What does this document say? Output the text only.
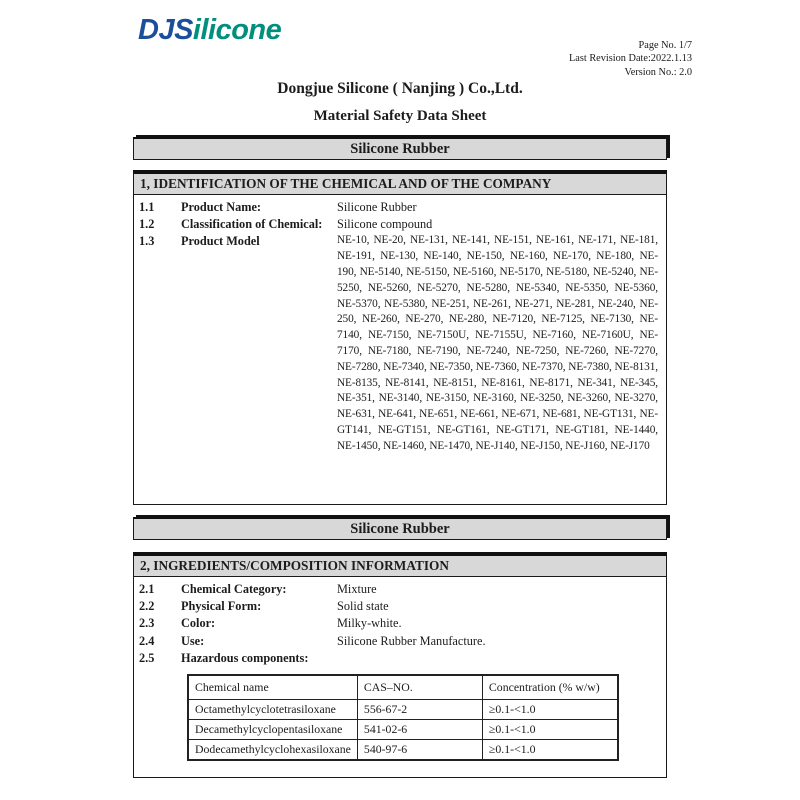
DJSilicone	Page No. 1/7
Last Revision Date:2022.1.13
Version No.: 2.0
Dongjue Silicone ( Nanjing ) Co.,Ltd.
Material Safety Data Sheet
Silicone Rubber
1, IDENTIFICATION OF THE CHEMICAL AND OF THE COMPANY
1.1	Product Name:	Silicone Rubber
1.2	Classification of Chemical:	Silicone compound
1.3	Product Model	NE-10, NE-20, NE-131, NE-141, NE-151, NE-161, NE-171, NE-181, NE-191, NE-130, NE-140, NE-150, NE-160, NE-170, NE-180, NE-190, NE-5140, NE-5150, NE-5160, NE-5170, NE-5180, NE-5240, NE-5250, NE-5260, NE-5270, NE-5280, NE-5340, NE-5350, NE-5360, NE-5370, NE-5380, NE-251, NE-261, NE-271, NE-281, NE-240, NE-250, NE-260, NE-270, NE-280, NE-7120, NE-7125, NE-7130, NE-7140, NE-7150, NE-7150U, NE-7155U, NE-7160, NE-7160U, NE-7170, NE-7180, NE-7190, NE-7240, NE-7250, NE-7260, NE-7270, NE-7280, NE-7340, NE-7350, NE-7360, NE-7370, NE-7380, NE-8131, NE-8135, NE-8141, NE-8151, NE-8161, NE-8171, NE-341, NE-345, NE-351, NE-3140, NE-3150, NE-3160, NE-3250, NE-3260, NE-3270, NE-631, NE-641, NE-651, NE-661, NE-671, NE-681, NE-GT131, NE-GT141, NE-GT151, NE-GT161, NE-GT171, NE-GT181, NE-1440, NE-1450, NE-1460, NE-1470, NE-J140, NE-J150, NE-J160, NE-J170
Silicone Rubber
2, INGREDIENTS/COMPOSITION INFORMATION
2.1	Chemical Category:	Mixture
2.2	Physical Form:	Solid state
2.3	Color:	Milky-white.
2.4	Use:	Silicone Rubber Manufacture.
2.5	Hazardous components:
Chemical name	CAS–NO.	Concentration (% w/w)
Octamethylcyclotetrasiloxane	556-67-2	≥0.1-<1.0
Decamethylcyclopentasiloxane	541-02-6	≥0.1-<1.0
Dodecamethylcyclohexasiloxane	540-97-6	≥0.1-<1.0
